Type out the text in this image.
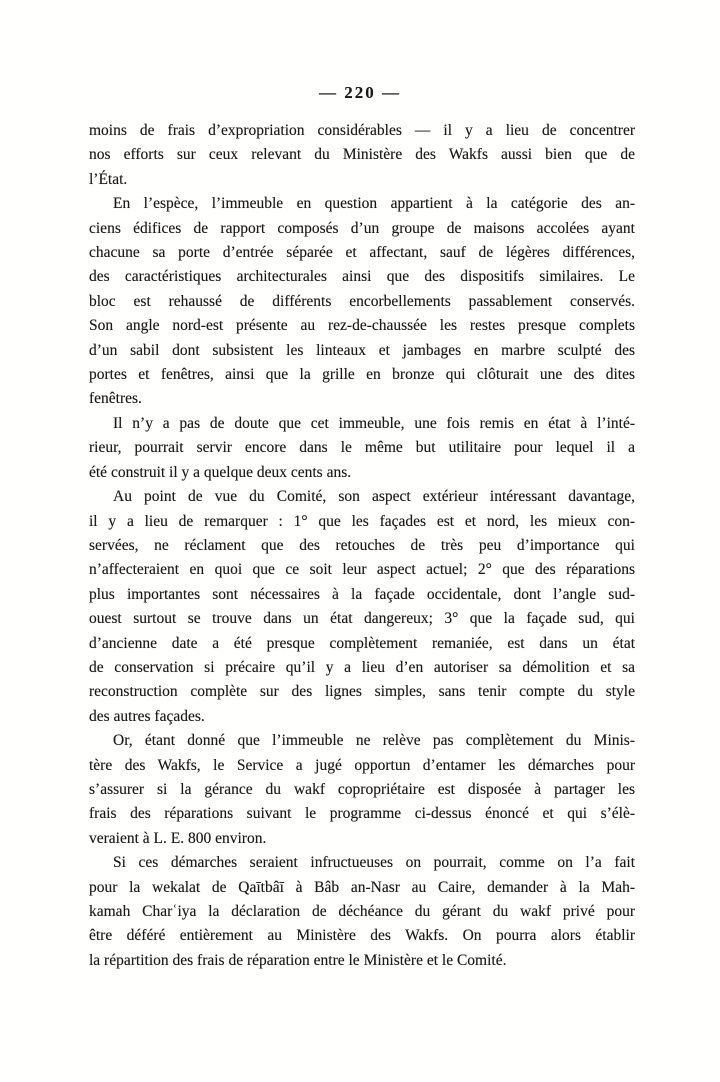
— 220 —
moins de frais d’expropriation considérables — il y a lieu de concentrer
nos efforts sur ceux relevant du Ministère des Wakfs aussi bien que de
l’État.
En l’espèce, l’immeuble en question appartient à la catégorie des an-
ciens édifices de rapport composés d’un groupe de maisons accolées ayant
chacune sa porte d’entrée séparée et affectant, sauf de légères différences,
des caractéristiques architecturales ainsi que des dispositifs similaires. Le
bloc est rehaussé de différents encorbellements passablement conservés.
Son angle nord-est présente au rez-de-chaussée les restes presque complets
d’un sabil dont subsistent les linteaux et jambages en marbre sculpté des
portes et fenêtres, ainsi que la grille en bronze qui clôturait une des dites
fenêtres.
Il n’y a pas de doute que cet immeuble, une fois remis en état à l’inté-
rieur, pourrait servir encore dans le même but utilitaire pour lequel il a
été construit il y a quelque deux cents ans.
Au point de vue du Comité, son aspect extérieur intéressant davantage,
il y a lieu de remarquer : 1° que les façades est et nord, les mieux con-
servées, ne réclament que des retouches de très peu d’importance qui
n’affecteraient en quoi que ce soit leur aspect actuel; 2° que des réparations
plus importantes sont nécessaires à la façade occidentale, dont l’angle sud-
ouest surtout se trouve dans un état dangereux; 3° que la façade sud, qui
d’ancienne date a été presque complètement remaniée, est dans un état
de conservation si précaire qu’il y a lieu d’en autoriser sa démolition et sa
reconstruction complète sur des lignes simples, sans tenir compte du style
des autres façades.
Or, étant donné que l’immeuble ne relève pas complètement du Minis-
tère des Wakfs, le Service a jugé opportun d’entamer les démarches pour
s’assurer si la gérance du wakf copropriétaire est disposée à partager les
frais des réparations suivant le programme ci-dessus énoncé et qui s’élè-
veraient à L. E. 800 environ.
Si ces démarches seraient infructueuses on pourrait, comme on l’a fait
pour la wekalat de Qaītbâī à Bâb an-Nasr au Caire, demander à la Mah-
kamah Charʿiya la déclaration de déchéance du gérant du wakf privé pour
être déféré entièrement au Ministère des Wakfs. On pourra alors établir
la répartition des frais de réparation entre le Ministère et le Comité.
